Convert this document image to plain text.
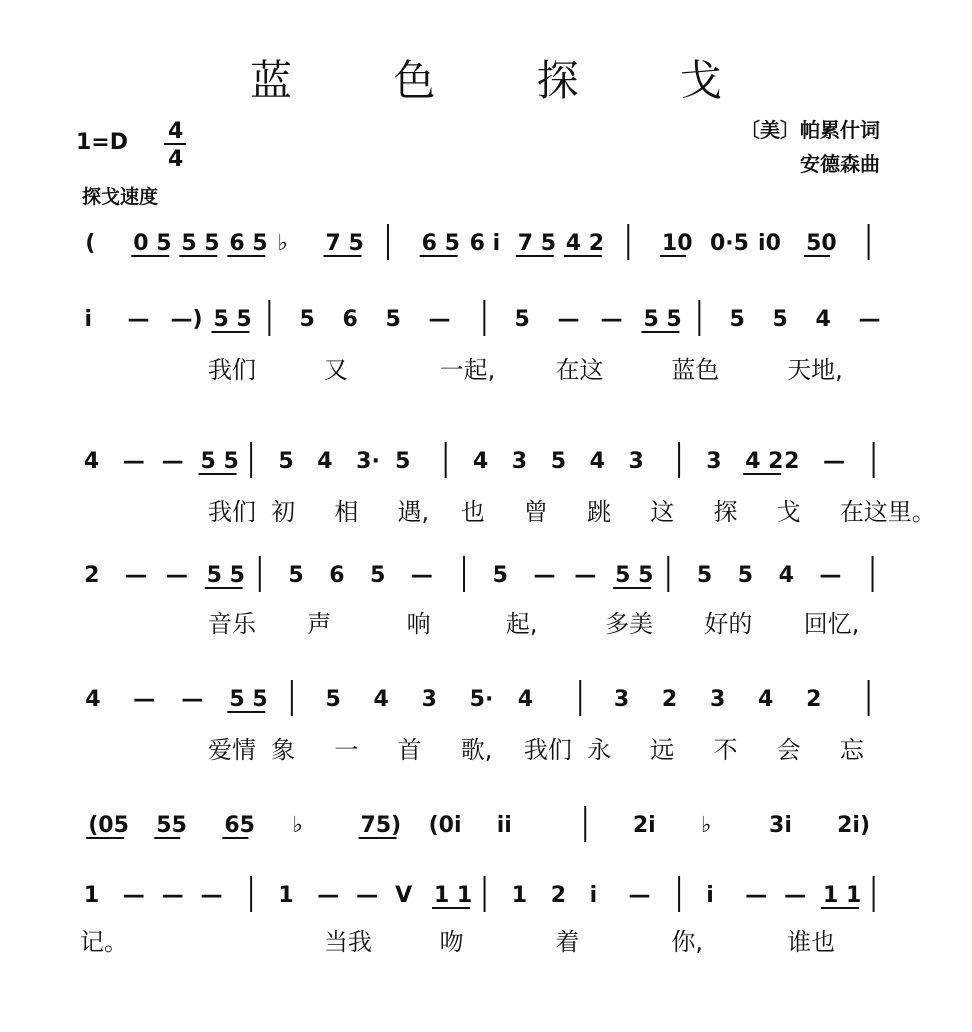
蓝 色 探 戈
〔美〕帕累什词
安德森曲
1=D
探戈速度
4
4
( 0 5 5 5 6 5 ♭ 7 5	6 5 6 i 7 5 4 2	10 0·5 i0 50
i — —) 5 5 5 6 5 —	5 — — 5 5 5 5 4 —
我们	又	一起,	在这	蓝色	天地,
4 — — 5 5 5 4 3· 5	4 3 5 4 3	3 4 2 2 —
我们 初 相 遇, 也 曾 跳 这 探 戈 在这里。
2 — — 5 5 5 6 5 —	5 — — 5 5 5 5 4 —
音乐 声	响	起,	多美 好的 回忆,
4 — — 5 5	5 4 3 5· 4	3 2 3 4 2
爱情 象 一 首 歌, 我们 永 远 不 会 忘
(05 55 65 ♭	75) (0i ii	2i ♭	3i 2i)
1 — — —	1 — — V 1 1 1 2 i —	i — — 1 1
记。	当我	吻	着	你,	谁也
